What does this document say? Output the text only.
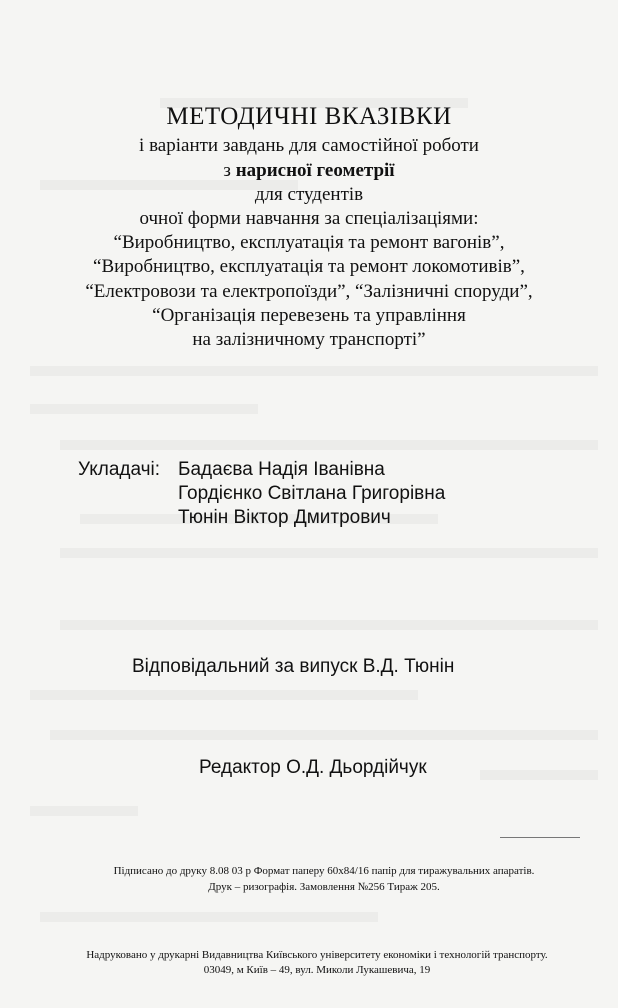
МЕТОДИЧНІ ВКАЗІВКИ
і варіанти завдань для самостійної роботи
з нарисної геометрії
для студентів
очної форми навчання за спеціалізаціями:
“Виробництво, експлуатація та ремонт вагонів”,
“Виробництво, експлуатація та ремонт локомотивів”,
“Електровози та електропоїзди”, “Залізничні споруди”,
“Організація перевезень та управління
на залізничному транспорті”
Укладачі: Бадаєва Надія Іванівна
Гордієнко Світлана Григорівна
Тюнін Віктор Дмитрович
Відповідальний за випуск В.Д. Тюнін
Редактор О.Д. Дьордійчук
Підписано до друку 8.08 03 р Формат паперу 60х84/16 папір для тиражувальних апаратів.
Друк – ризографія. Замовлення №256 Тираж 205.
Надруковано у друкарні Видавництва Київського університету економіки і технологій транспорту.
03049, м Київ – 49, вул. Миколи Лукашевича, 19
